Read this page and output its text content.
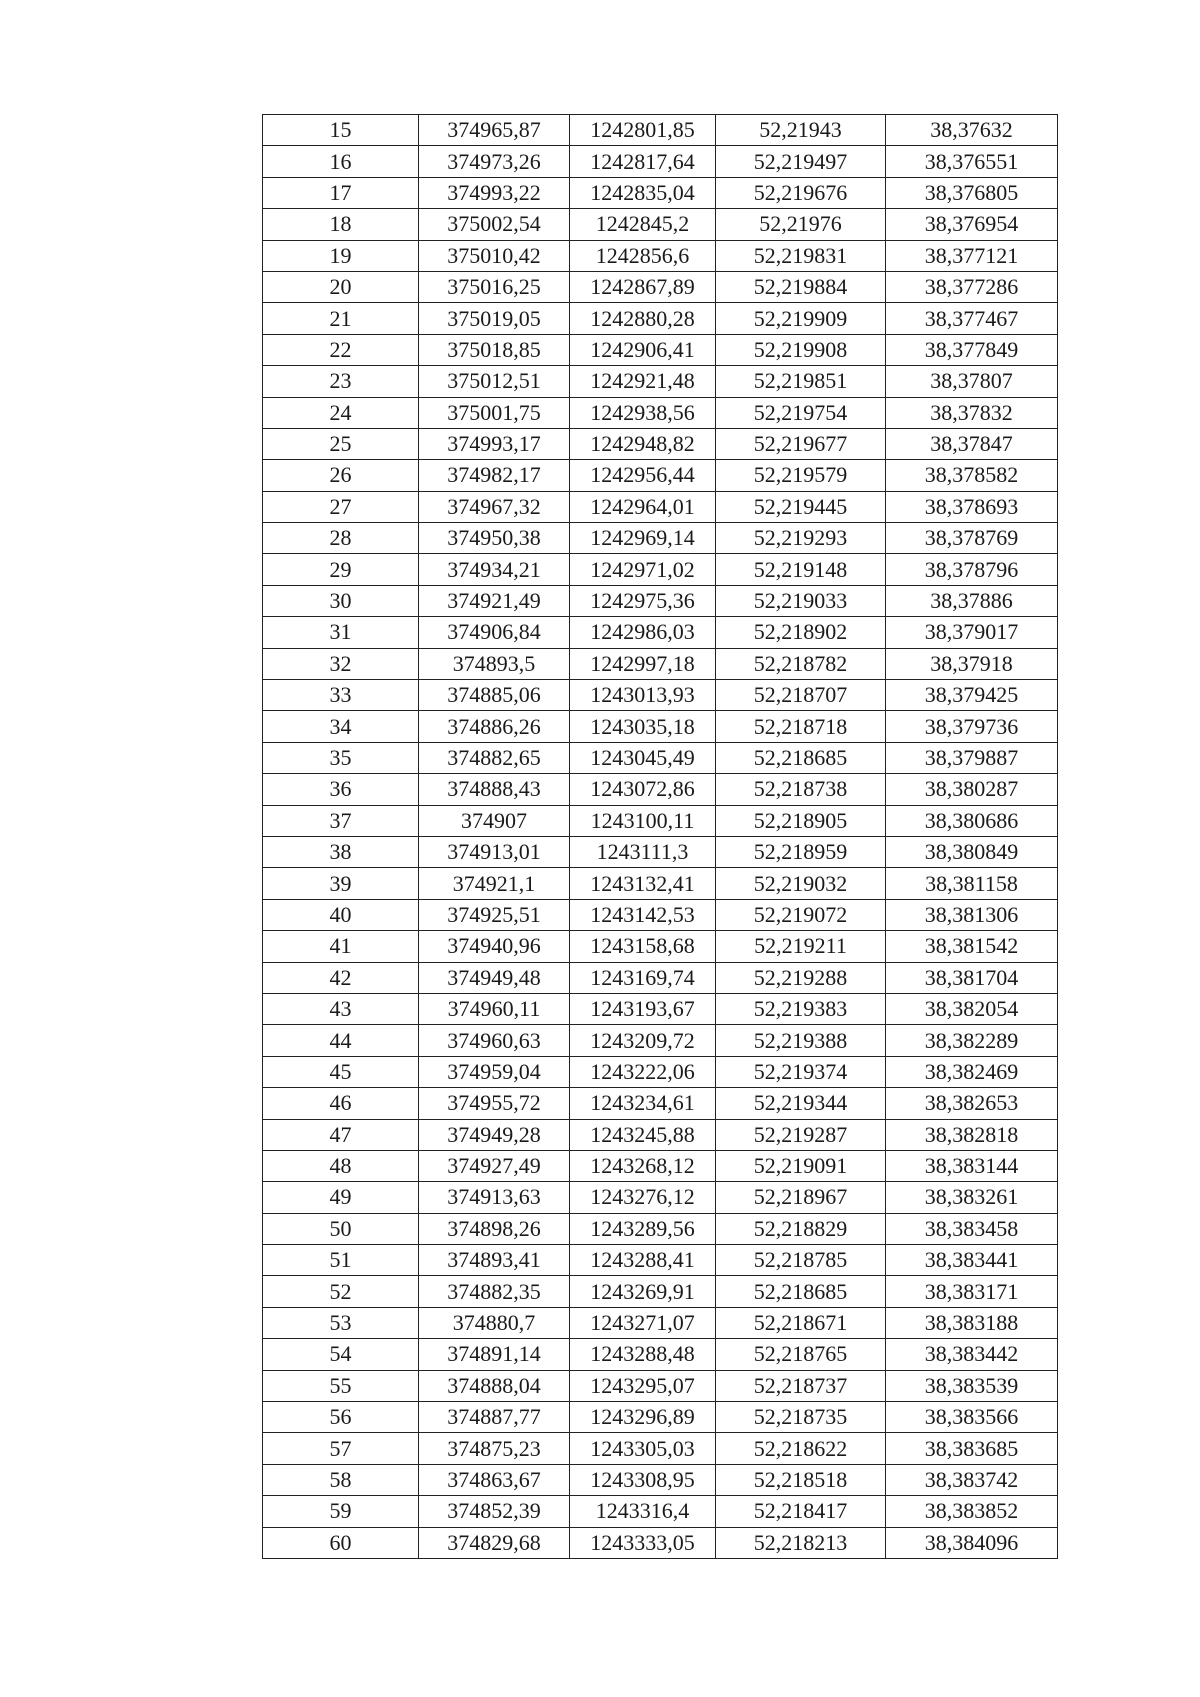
15	374965,87	1242801,85	52,21943	38,37632
16	374973,26	1242817,64	52,219497	38,376551
17	374993,22	1242835,04	52,219676	38,376805
18	375002,54	1242845,2	52,21976	38,376954
19	375010,42	1242856,6	52,219831	38,377121
20	375016,25	1242867,89	52,219884	38,377286
21	375019,05	1242880,28	52,219909	38,377467
22	375018,85	1242906,41	52,219908	38,377849
23	375012,51	1242921,48	52,219851	38,37807
24	375001,75	1242938,56	52,219754	38,37832
25	374993,17	1242948,82	52,219677	38,37847
26	374982,17	1242956,44	52,219579	38,378582
27	374967,32	1242964,01	52,219445	38,378693
28	374950,38	1242969,14	52,219293	38,378769
29	374934,21	1242971,02	52,219148	38,378796
30	374921,49	1242975,36	52,219033	38,37886
31	374906,84	1242986,03	52,218902	38,379017
32	374893,5	1242997,18	52,218782	38,37918
33	374885,06	1243013,93	52,218707	38,379425
34	374886,26	1243035,18	52,218718	38,379736
35	374882,65	1243045,49	52,218685	38,379887
36	374888,43	1243072,86	52,218738	38,380287
37	374907	1243100,11	52,218905	38,380686
38	374913,01	1243111,3	52,218959	38,380849
39	374921,1	1243132,41	52,219032	38,381158
40	374925,51	1243142,53	52,219072	38,381306
41	374940,96	1243158,68	52,219211	38,381542
42	374949,48	1243169,74	52,219288	38,381704
43	374960,11	1243193,67	52,219383	38,382054
44	374960,63	1243209,72	52,219388	38,382289
45	374959,04	1243222,06	52,219374	38,382469
46	374955,72	1243234,61	52,219344	38,382653
47	374949,28	1243245,88	52,219287	38,382818
48	374927,49	1243268,12	52,219091	38,383144
49	374913,63	1243276,12	52,218967	38,383261
50	374898,26	1243289,56	52,218829	38,383458
51	374893,41	1243288,41	52,218785	38,383441
52	374882,35	1243269,91	52,218685	38,383171
53	374880,7	1243271,07	52,218671	38,383188
54	374891,14	1243288,48	52,218765	38,383442
55	374888,04	1243295,07	52,218737	38,383539
56	374887,77	1243296,89	52,218735	38,383566
57	374875,23	1243305,03	52,218622	38,383685
58	374863,67	1243308,95	52,218518	38,383742
59	374852,39	1243316,4	52,218417	38,383852
60	374829,68	1243333,05	52,218213	38,384096
